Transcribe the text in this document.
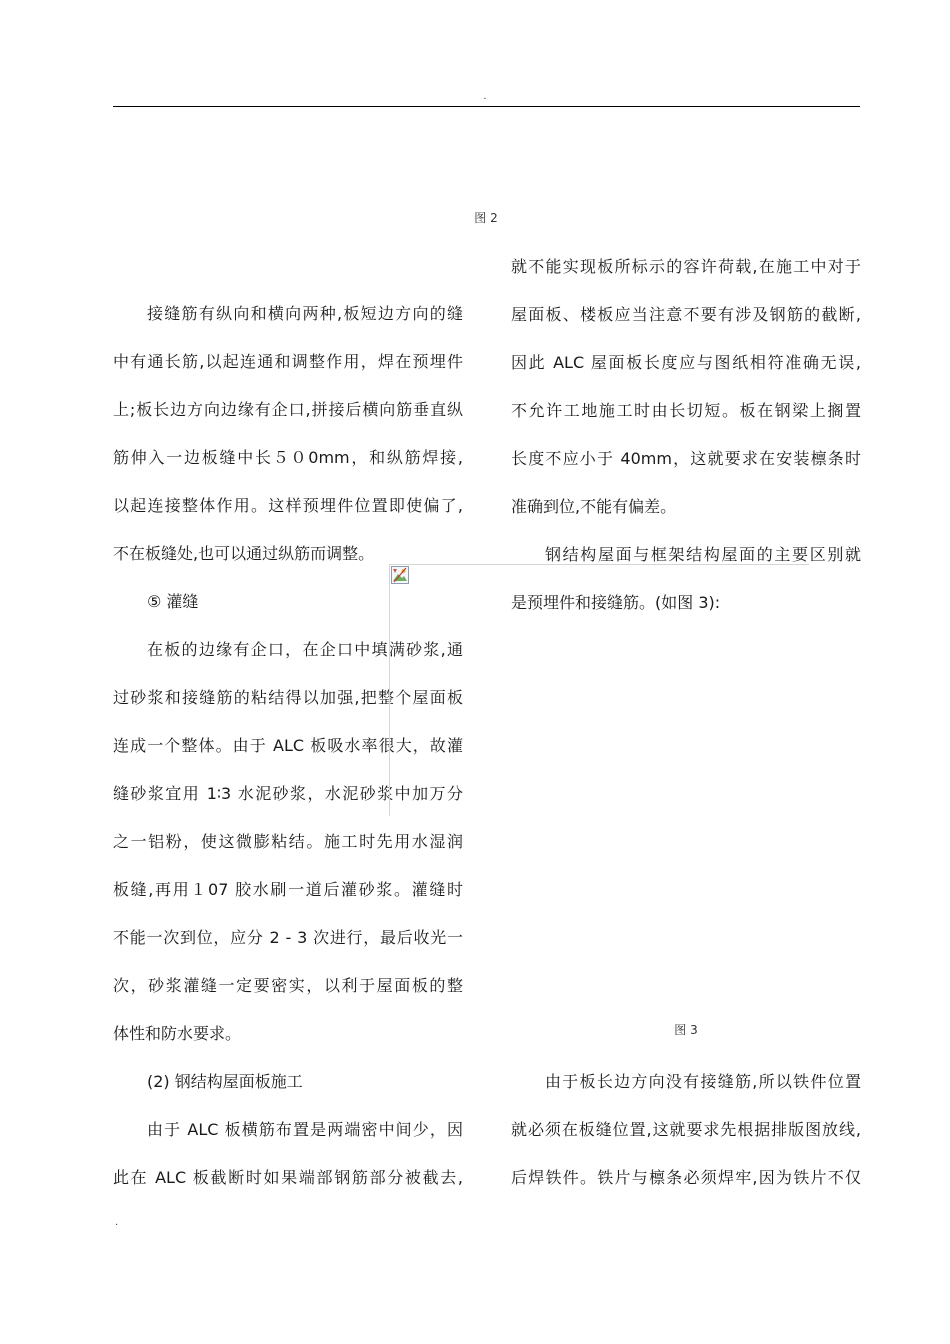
.
图 2
图 3
接缝筋有纵向和横向两种,板短边方向的缝
中有通长筋,以起连通和调整作用，焊在预埋件
上;板长边方向边缘有企口,拼接后横向筋垂直纵
筋伸入一边板缝中长５０0mm，和纵筋焊接,
以起连接整体作用。这样预埋件位置即使偏了,
不在板缝处,也可以通过纵筋而调整。
⑤ 灌缝
在板的边缘有企口，在企口中填满砂浆,通
过砂浆和接缝筋的粘结得以加强,把整个屋面板
连成一个整体。由于 ALC 板吸水率很大，故灌
缝砂浆宜用 1∶3 水泥砂浆，水泥砂浆中加万分
之一铝粉，使这微膨粘结。施工时先用水湿润
板缝,再用１07 胶水刷一道后灌砂浆。灌缝时
不能一次到位，应分 2 - 3 次进行，最后收光一
次，砂浆灌缝一定要密实，以利于屋面板的整
体性和防水要求。
(2) 钢结构屋面板施工
由于 ALC 板横筋布置是两端密中间少，因
此在 ALC 板截断时如果端部钢筋部分被截去,
就不能实现板所标示的容许荷载,在施工中对于
屋面板、楼板应当注意不要有涉及钢筋的截断,
因此 ALC 屋面板长度应与图纸相符准确无误,
不允许工地施工时由长切短。板在钢梁上搁置
长度不应小于 40mm，这就要求在安装檩条时
准确到位,不能有偏差。
钢结构屋面与框架结构屋面的主要区别就
是预埋件和接缝筋。(如图 3):
由于板长边方向没有接缝筋,所以铁件位置
就必须在板缝位置,这就要求先根据排版图放线,
后焊铁件。铁片与檩条必须焊牢,因为铁片不仅
.
